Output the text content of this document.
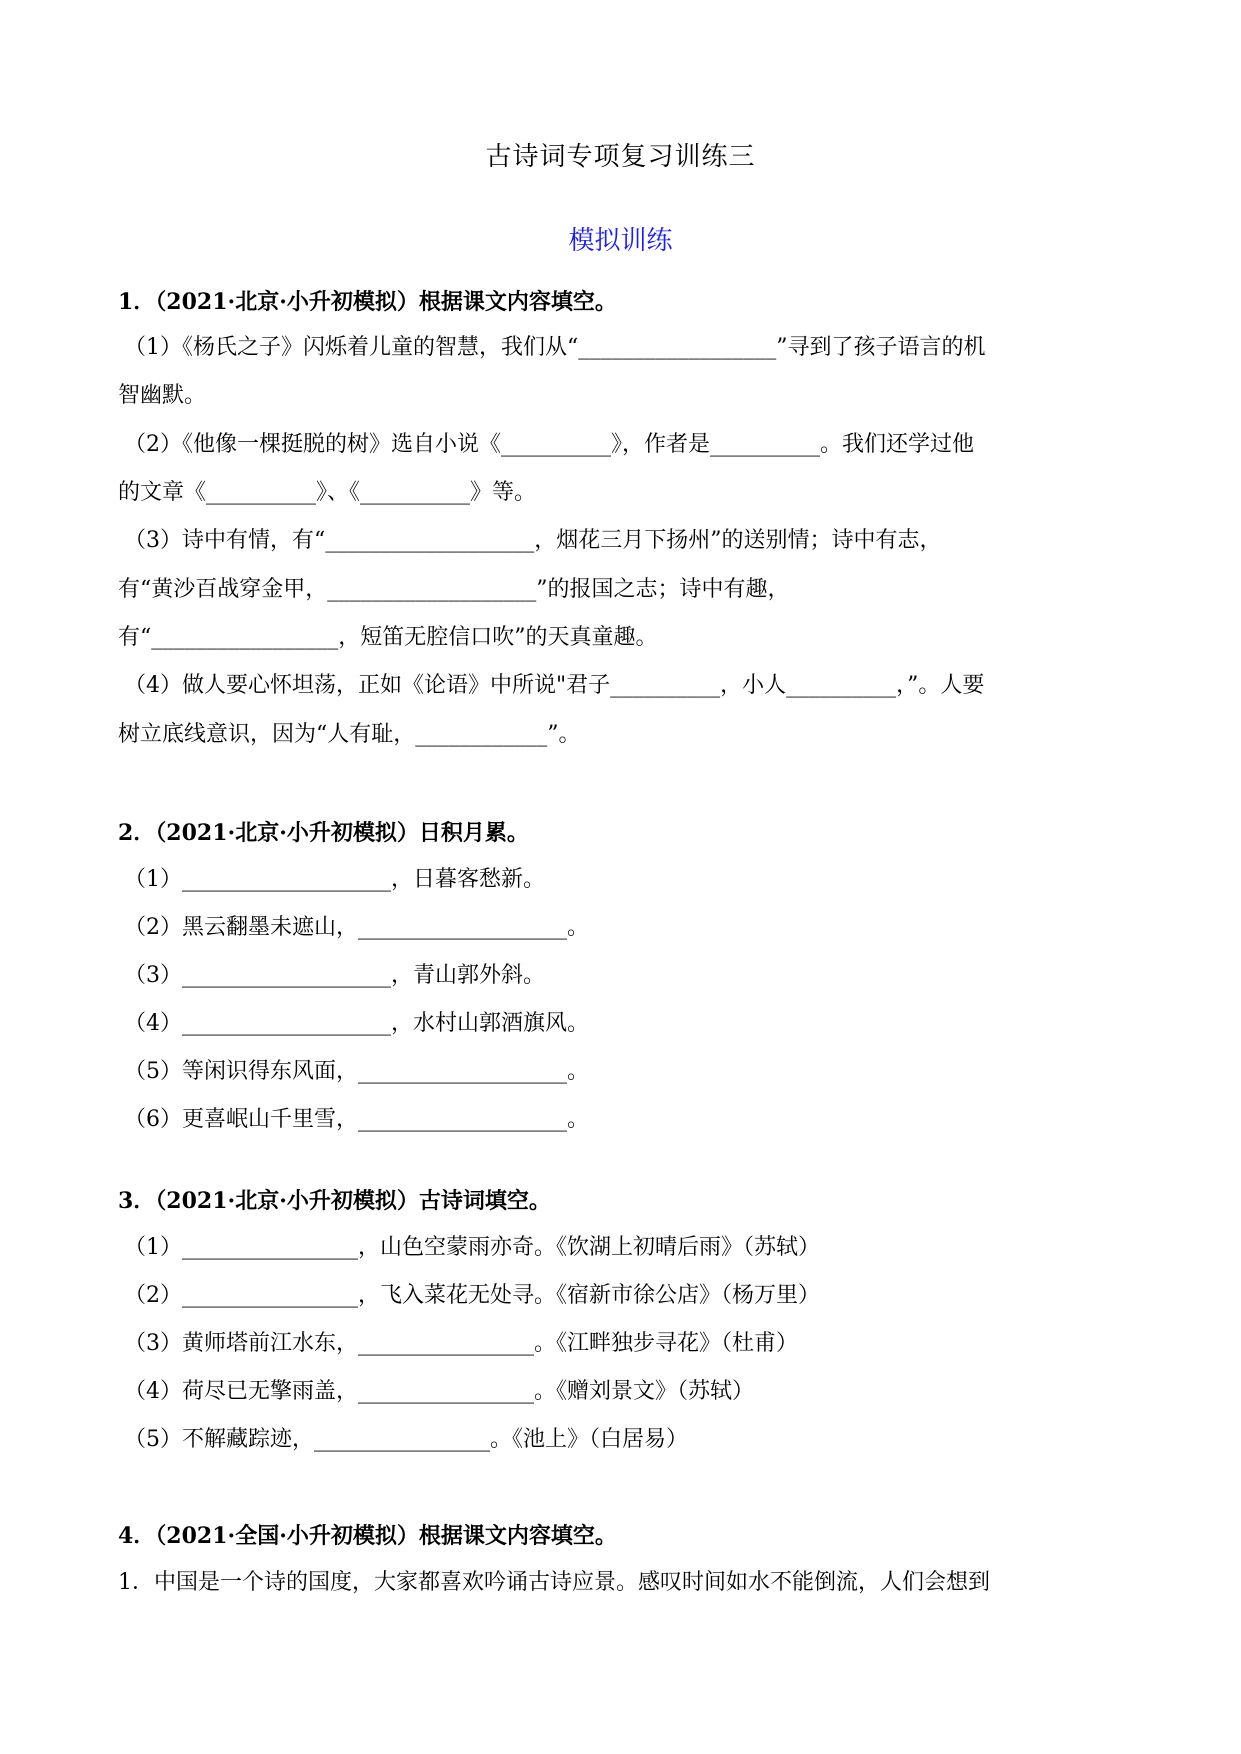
古诗词专项复习训练三
模拟训练
1．（2021·北京·小升初模拟）根据课文内容填空。
（1）《杨氏之子》闪烁着儿童的智慧，我们从“__________________”寻到了孩子语言的机
智幽默。
（2）《他像一棵挺脱的树》选自小说《__________》，作者是__________。我们还学过他
的文章《__________》、《__________》等。
（3）诗中有情，有“___________________，烟花三月下扬州”的送别情；诗中有志，
有“黄沙百战穿金甲，___________________”的报国之志；诗中有趣，
有“_________________，短笛无腔信口吹”的天真童趣。
（4）做人要心怀坦荡，正如《论语》中所说"君子__________，小人__________，”。人要
树立底线意识，因为“人有耻，____________”。
2．（2021·北京·小升初模拟）日积月累。
（1）___________________，日暮客愁新。
（2）黑云翻墨未遮山，___________________。
（3）___________________，青山郭外斜。
（4）___________________，水村山郭酒旗风。
（5）等闲识得东风面，___________________。
（6）更喜岷山千里雪，___________________。
3．（2021·北京·小升初模拟）古诗词填空。
（1）________________，山色空蒙雨亦奇。《饮湖上初晴后雨》（苏轼）
（2）________________，飞入菜花无处寻。《宿新市徐公店》（杨万里）
（3）黄师塔前江水东，________________。《江畔独步寻花》（杜甫）
（4）荷尽已无擎雨盖，________________。《赠刘景文》（苏轼）
（5）不解藏踪迹，________________。《池上》（白居易）
4．（2021·全国·小升初模拟）根据课文内容填空。
1．中国是一个诗的国度，大家都喜欢吟诵古诗应景。感叹时间如水不能倒流，人们会想到
